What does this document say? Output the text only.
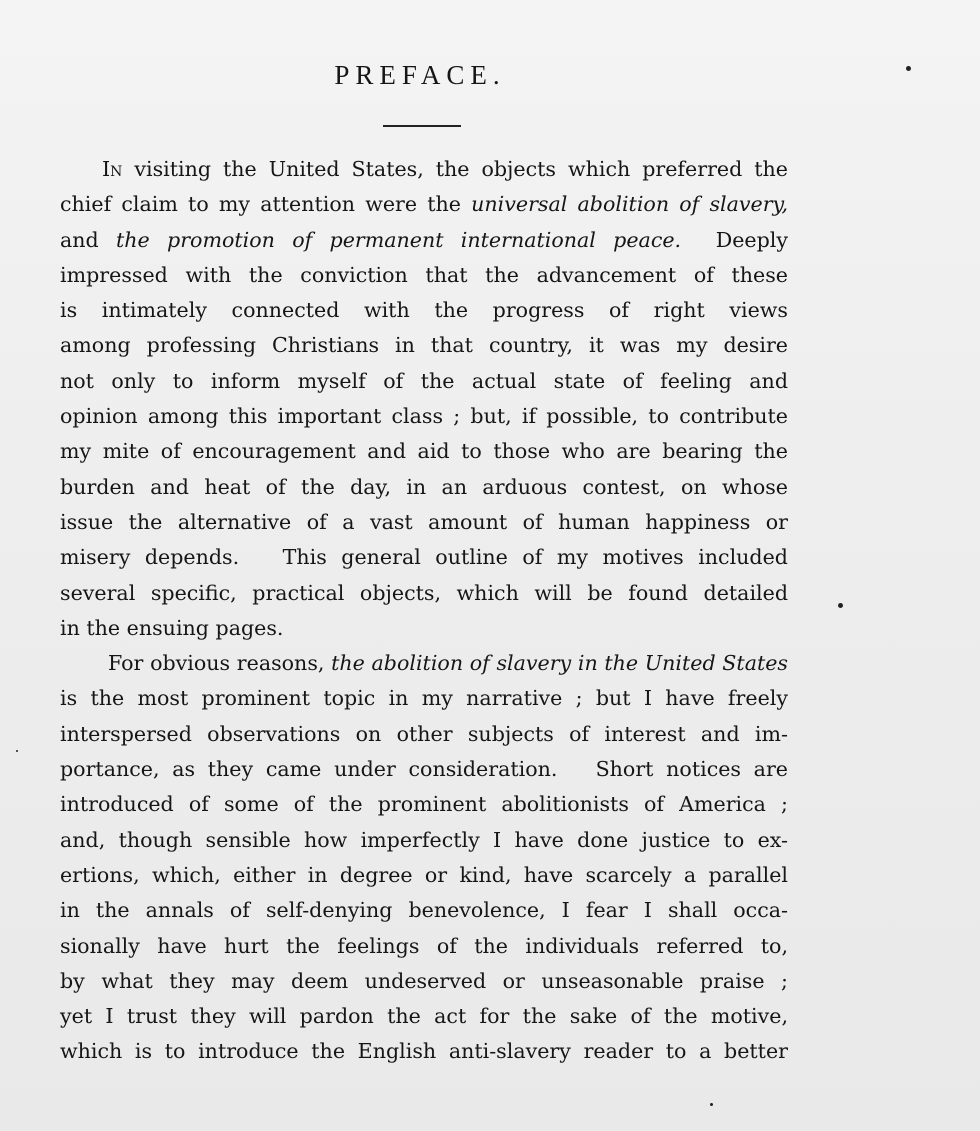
PREFACE.
In visiting the United States, the objects which preferred the
chief claim to my attention were the universal abolition of slavery,
and the promotion of permanent international peace.  Deeply
impressed with the conviction that the advancement of these
is intimately connected with the progress of right views
among professing Christians in that country, it was my desire
not only to inform myself of the actual state of feeling and
opinion among this important class ; but, if possible, to contribute
my mite of encouragement and aid to those who are bearing the
burden and heat of the day, in an arduous contest, on whose
issue the alternative of a vast amount of human happiness or
misery depends.   This general outline of my motives included
several specific, practical objects, which will be found detailed
in the ensuing pages.
For obvious reasons, the abolition of slavery in the United States
is the most prominent topic in my narrative ; but I have freely
interspersed observations on other subjects of interest and im-
portance, as they came under consideration.   Short notices are
introduced of some of the prominent abolitionists of America ;
and, though sensible how imperfectly I have done justice to ex-
ertions, which, either in degree or kind, have scarcely a parallel
in the annals of self-denying benevolence, I fear I shall occa-
sionally have hurt the feelings of the individuals referred to,
by what they may deem undeserved or unseasonable praise ;
yet I trust they will pardon the act for the sake of the motive,
which is to introduce the English anti-slavery reader to a better
